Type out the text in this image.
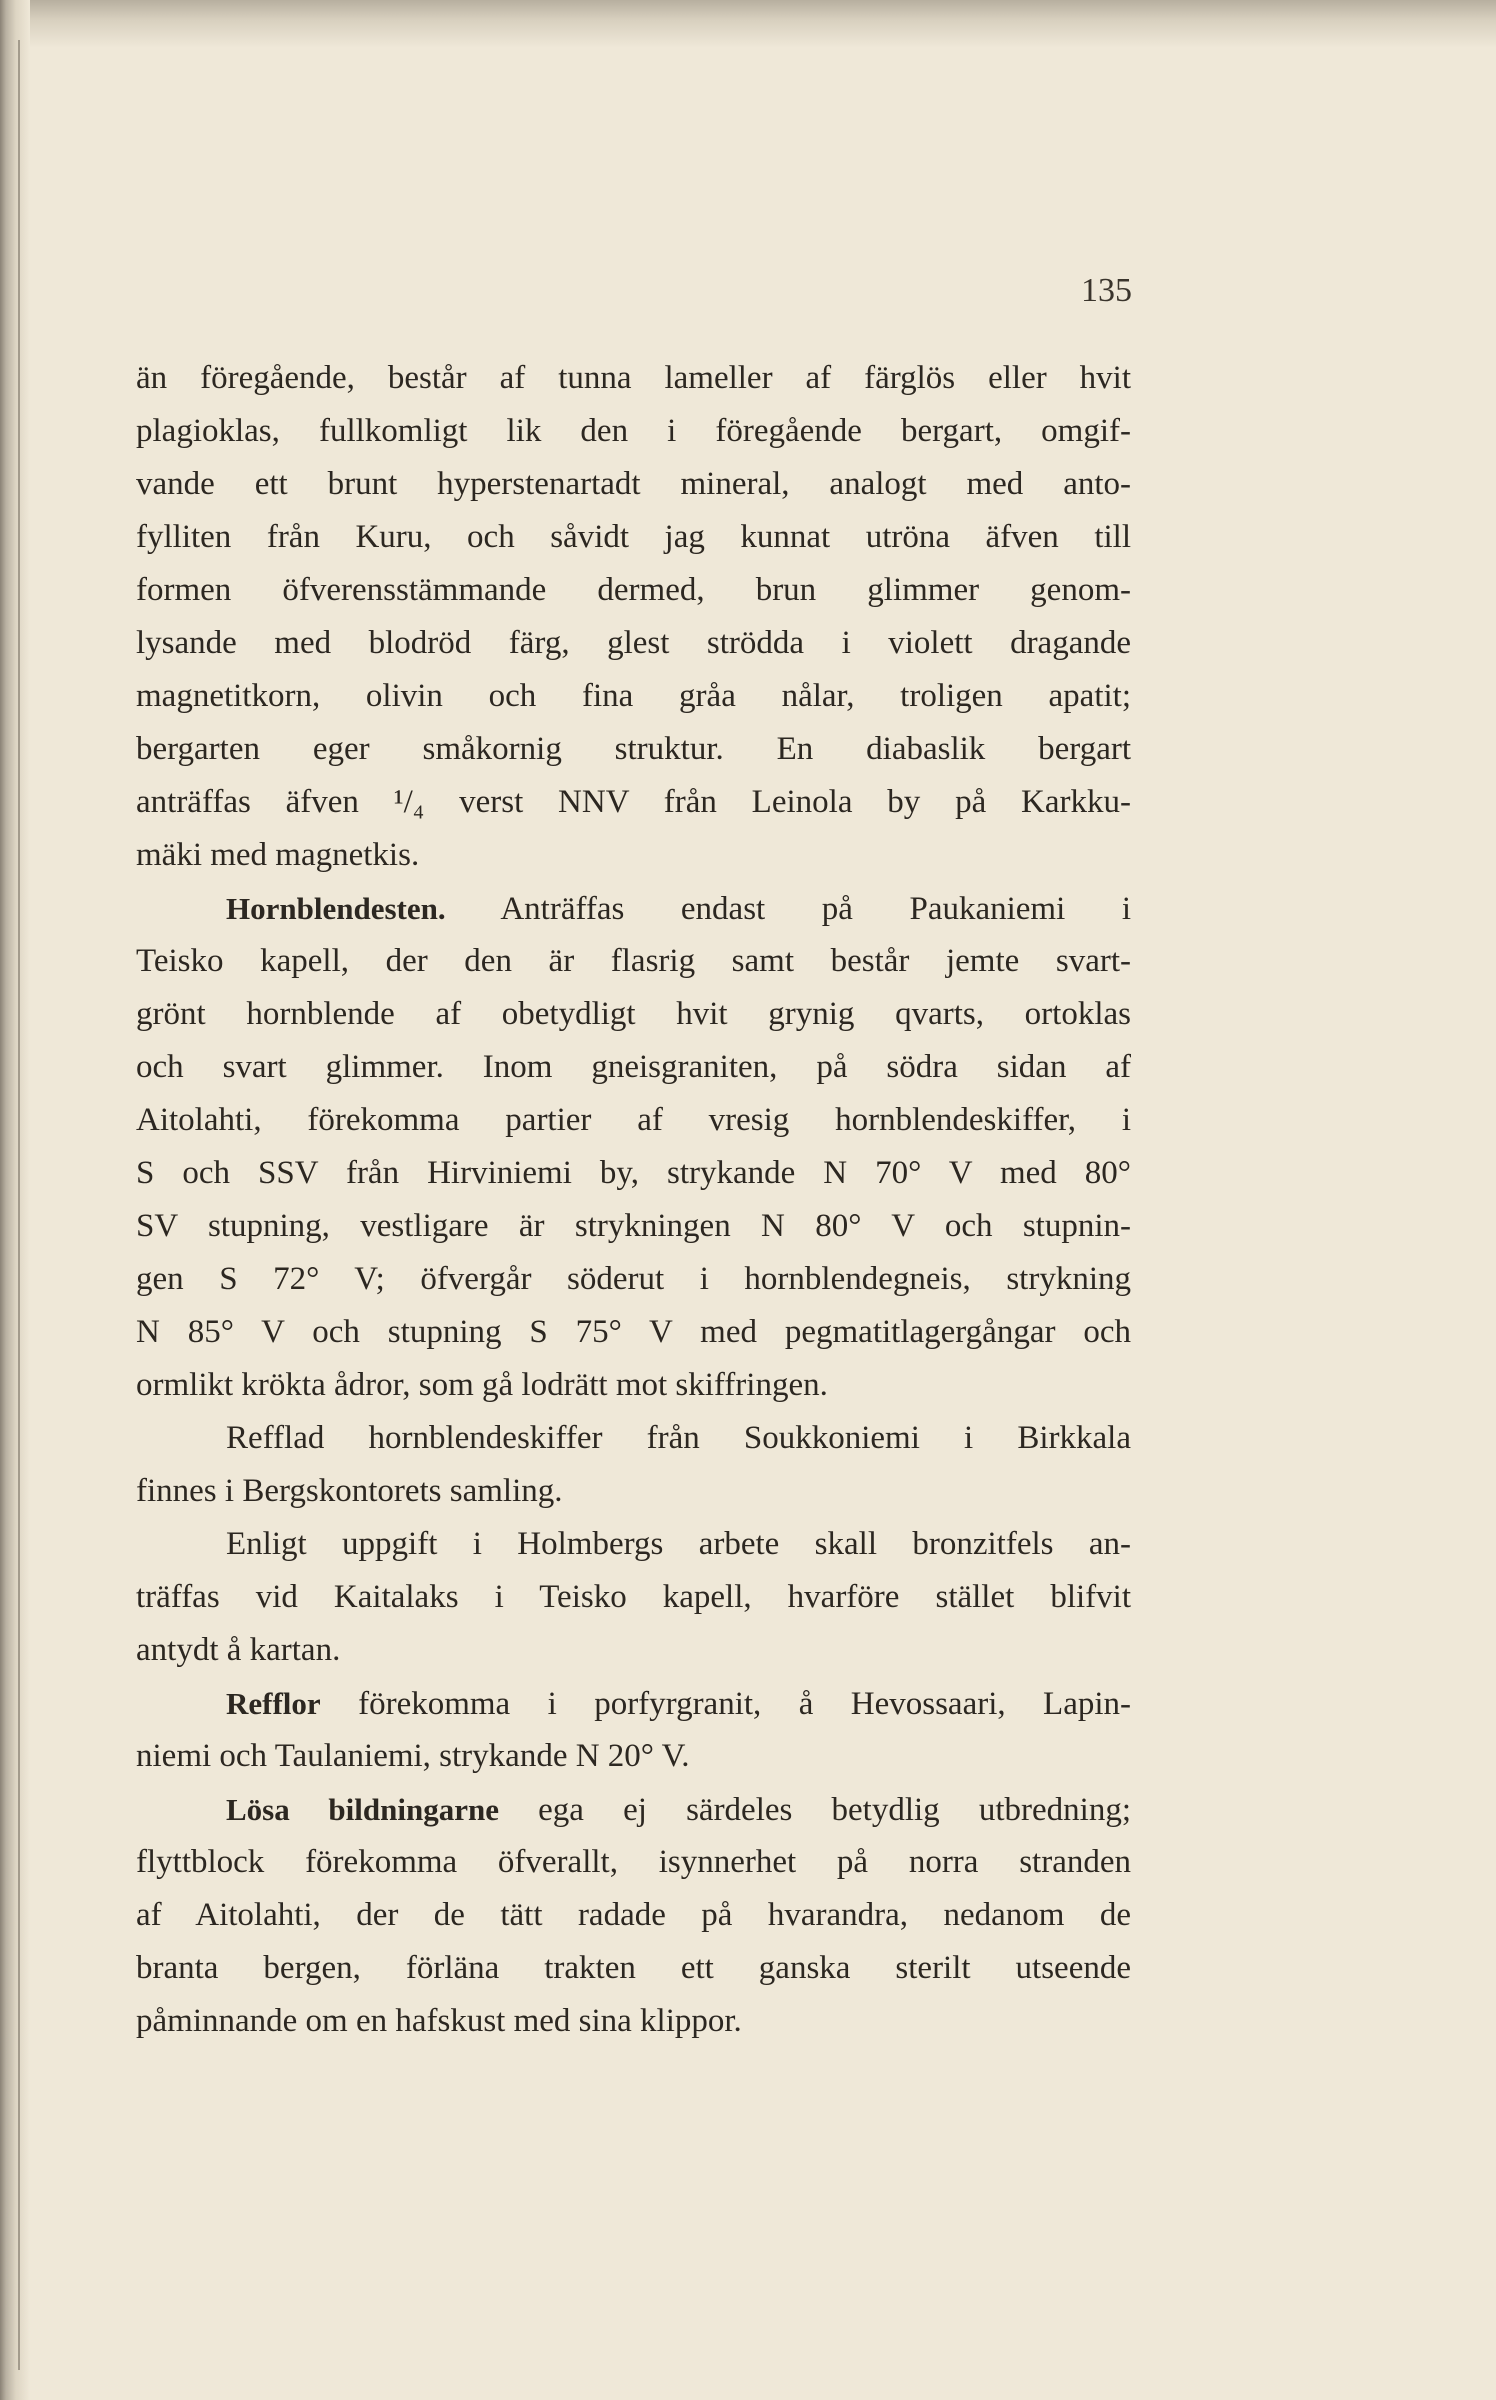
135
än föregående, består af tunna lameller af färglös eller hvit
plagioklas, fullkomligt lik den i föregående bergart, omgif-
vande ett brunt hyperstenartadt mineral, analogt med anto-
fylliten från Kuru, och såvidt jag kunnat utröna äfven till
formen öfverensstämmande dermed, brun glimmer genom-
lysande med blodröd färg, glest strödda i violett dragande
magnetitkorn, olivin och fina gråa nålar, troligen apatit;
bergarten eger småkornig struktur. En diabaslik bergart
anträffas äfven ¹/₄ verst NNV från Leinola by på Karkku-
mäki med magnetkis.
Hornblendesten. Anträffas endast på Paukaniemi i
Teisko kapell, der den är flasrig samt består jemte svart-
grönt hornblende af obetydligt hvit grynig qvarts, ortoklas
och svart glimmer. Inom gneisgraniten, på södra sidan af
Aitolahti, förekomma partier af vresig hornblendeskiffer, i
S och SSV från Hirviniemi by, strykande N 70° V med 80°
SV stupning, vestligare är strykningen N 80° V och stupnin-
gen S 72° V; öfvergår söderut i hornblendegneis, strykning
N 85° V och stupning S 75° V med pegmatitlagergångar och
ormlikt krökta ådror, som gå lodrätt mot skiffringen.
Refflad hornblendeskiffer från Soukkoniemi i Birkkala
finnes i Bergskontorets samling.
Enligt uppgift i Holmbergs arbete skall bronzitfels an-
träffas vid Kaitalaks i Teisko kapell, hvarföre stället blifvit
antydt å kartan.
Refflor förekomma i porfyrgranit, å Hevossaari, Lapin-
niemi och Taulaniemi, strykande N 20° V.
Lösa bildningarne ega ej särdeles betydlig utbredning;
flyttblock förekomma öfverallt, isynnerhet på norra stranden
af Aitolahti, der de tätt radade på hvarandra, nedanom de
branta bergen, förläna trakten ett ganska sterilt utseende
påminnande om en hafskust med sina klippor.
